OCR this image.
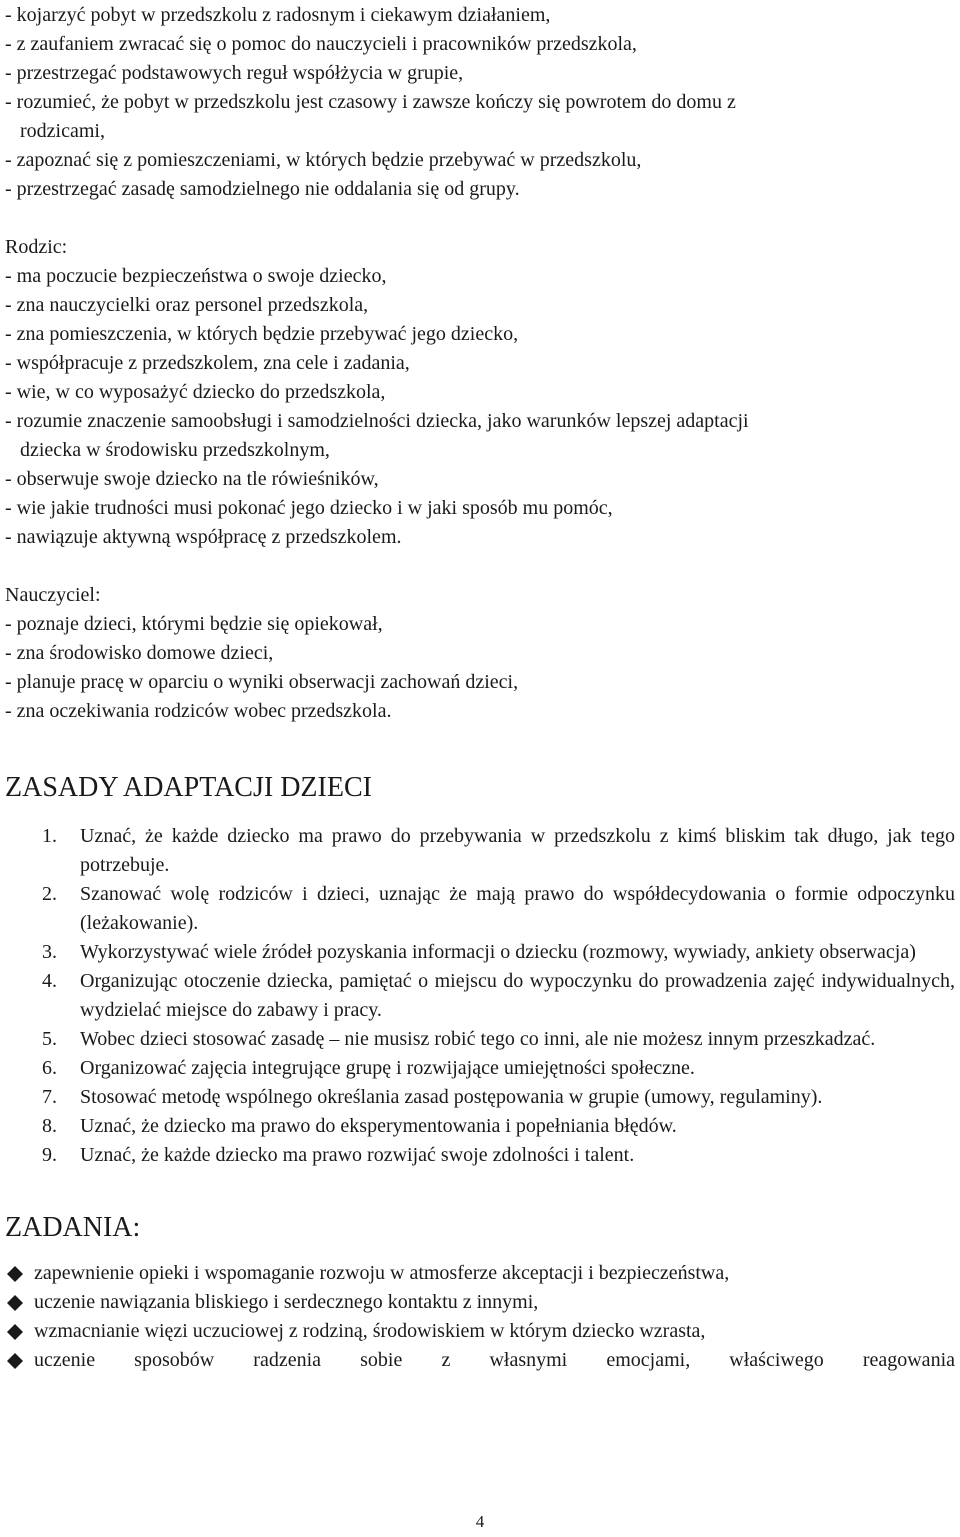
- kojarzyć pobyt w przedszkolu z radosnym i ciekawym działaniem,
- z zaufaniem zwracać się o pomoc do nauczycieli i pracowników przedszkola,
- przestrzegać podstawowych reguł współżycia w grupie,
- rozumieć, że pobyt w przedszkolu jest czasowy i zawsze kończy się powrotem do domu z
rodzicami,
- zapoznać się z pomieszczeniami, w których będzie przebywać w przedszkolu,
- przestrzegać zasadę samodzielnego nie oddalania się od grupy.
Rodzic:
- ma poczucie bezpieczeństwa o swoje dziecko,
- zna nauczycielki oraz personel przedszkola,
- zna pomieszczenia, w których będzie przebywać jego dziecko,
- współpracuje z przedszkolem, zna cele i zadania,
- wie, w co wyposażyć dziecko do przedszkola,
- rozumie znaczenie samoobsługi i samodzielności dziecka, jako warunków lepszej adaptacji
dziecka w środowisku przedszkolnym,
- obserwuje swoje dziecko na tle rówieśników,
- wie jakie trudności musi pokonać jego dziecko i w jaki sposób mu pomóc,
- nawiązuje aktywną współpracę z przedszkolem.
Nauczyciel:
- poznaje dzieci, którymi będzie się opiekował,
- zna środowisko domowe dzieci,
- planuje pracę w oparciu o wyniki obserwacji zachowań dzieci,
- zna oczekiwania rodziców wobec przedszkola.
ZASADY ADAPTACJI DZIECI
1. Uznać, że każde dziecko ma prawo do przebywania w przedszkolu z kimś bliskim tak długo, jak tego potrzebuje.
2. Szanować wolę rodziców i dzieci, uznając że mają prawo do współdecydowania o formie odpoczynku (leżakowanie).
3. Wykorzystywać wiele źródeł pozyskania informacji o dziecku (rozmowy, wywiady, ankiety obserwacja)
4. Organizując otoczenie dziecka, pamiętać o miejscu do wypoczynku do prowadzenia zajęć indywidualnych, wydzielać miejsce do zabawy i pracy.
5. Wobec dzieci stosować zasadę – nie musisz robić tego co inni, ale nie możesz innym przeszkadzać.
6. Organizować zajęcia integrujące grupę i rozwijające umiejętności społeczne.
7. Stosować metodę wspólnego określania zasad postępowania w grupie (umowy, regulaminy).
8. Uznać, że dziecko ma prawo do eksperymentowania i popełniania błędów.
9. Uznać, że każde dziecko ma prawo rozwijać swoje zdolności i talent.
ZADANIA:
zapewnienie opieki i wspomaganie rozwoju w atmosferze akceptacji i bezpieczeństwa,
uczenie nawiązania bliskiego i serdecznego kontaktu z innymi,
wzmacnianie więzi uczuciowej z rodziną, środowiskiem w którym dziecko wzrasta,
uczenie sposobów radzenia sobie z własnymi emocjami, właściwego reagowania
4
